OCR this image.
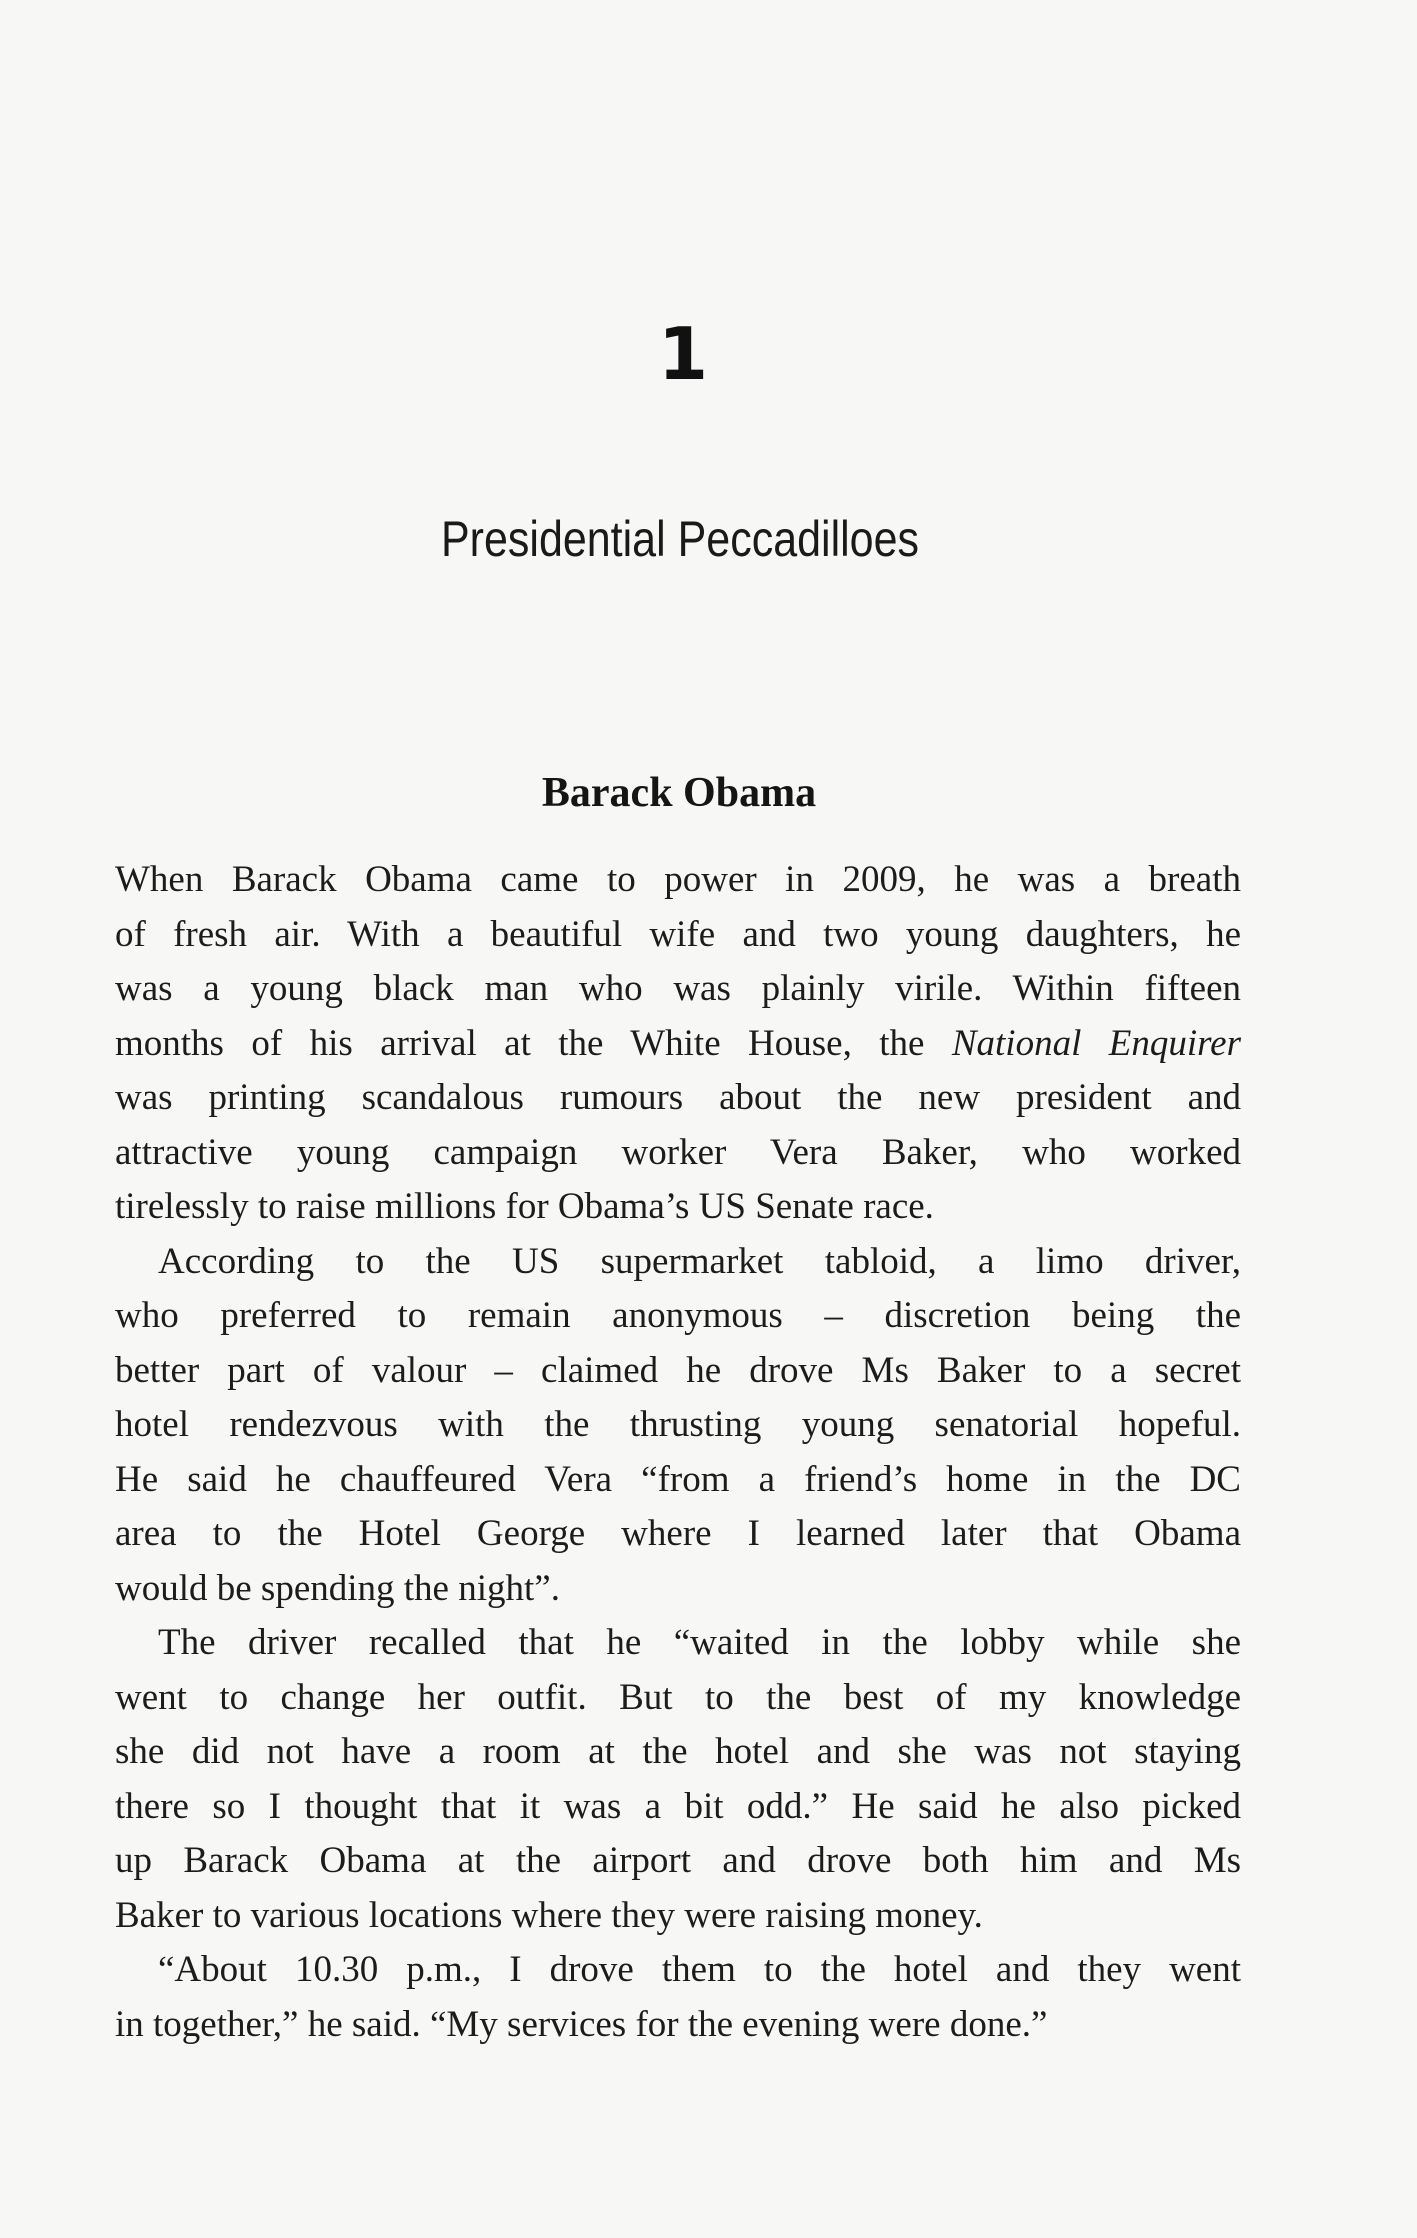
1
Presidential Peccadilloes
Barack Obama
When Barack Obama came to power in 2009, he was a breath
of fresh air. With a beautiful wife and two young daughters, he
was a young black man who was plainly virile. Within fifteen
months of his arrival at the White House, the National Enquirer
was printing scandalous rumours about the new president and
attractive young campaign worker Vera Baker, who worked
tirelessly to raise millions for Obama’s US Senate race.
According to the US supermarket tabloid, a limo driver,
who preferred to remain anonymous – discretion being the
better part of valour – claimed he drove Ms Baker to a secret
hotel rendezvous with the thrusting young senatorial hopeful.
He said he chauffeured Vera “from a friend’s home in the DC
area to the Hotel George where I learned later that Obama
would be spending the night”.
The driver recalled that he “waited in the lobby while she
went to change her outfit. But to the best of my knowledge
she did not have a room at the hotel and she was not staying
there so I thought that it was a bit odd.” He said he also picked
up Barack Obama at the airport and drove both him and Ms
Baker to various locations where they were raising money.
“About 10.30 p.m., I drove them to the hotel and they went
in together,” he said. “My services for the evening were done.”
